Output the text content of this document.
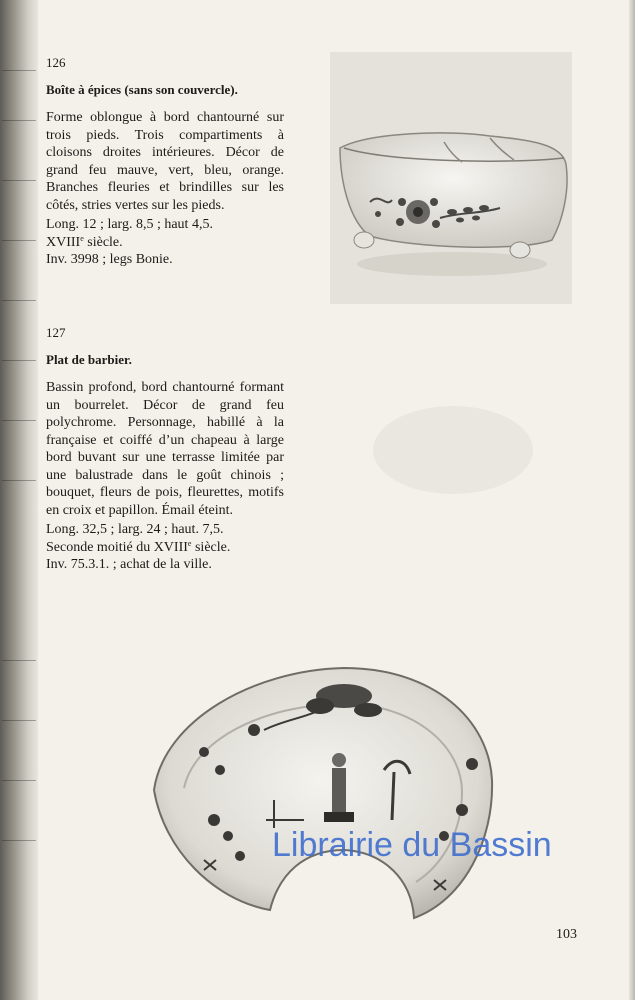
126
Boîte à épices (sans son couvercle).
Forme oblongue à bord chantourné sur trois pieds. Trois compartiments à cloisons droites intérieures. Décor de grand feu mauve, vert, bleu, orange. Branches fleuries et brindilles sur les côtés, stries vertes sur les pieds.
Long. 12 ; larg. 8,5 ; haut 4,5.
XVIIIe siècle.
Inv. 3998 ; legs Bonie.
127
Plat de barbier.
Bassin profond, bord chantourné formant un bourrelet. Décor de grand feu polychrome. Personnage, habillé à la française et coiffé d’un chapeau à large bord buvant sur une terrasse limitée par une balustrade dans le goût chinois ; bouquet, fleurs de pois, fleurettes, motifs en croix et papillon. Émail éteint.
Long. 32,5 ; larg. 24 ; haut. 7,5.
Seconde moitié du XVIIIe siècle.
Inv. 75.3.1. ; achat de la ville.
Librairie du Bassin
103
